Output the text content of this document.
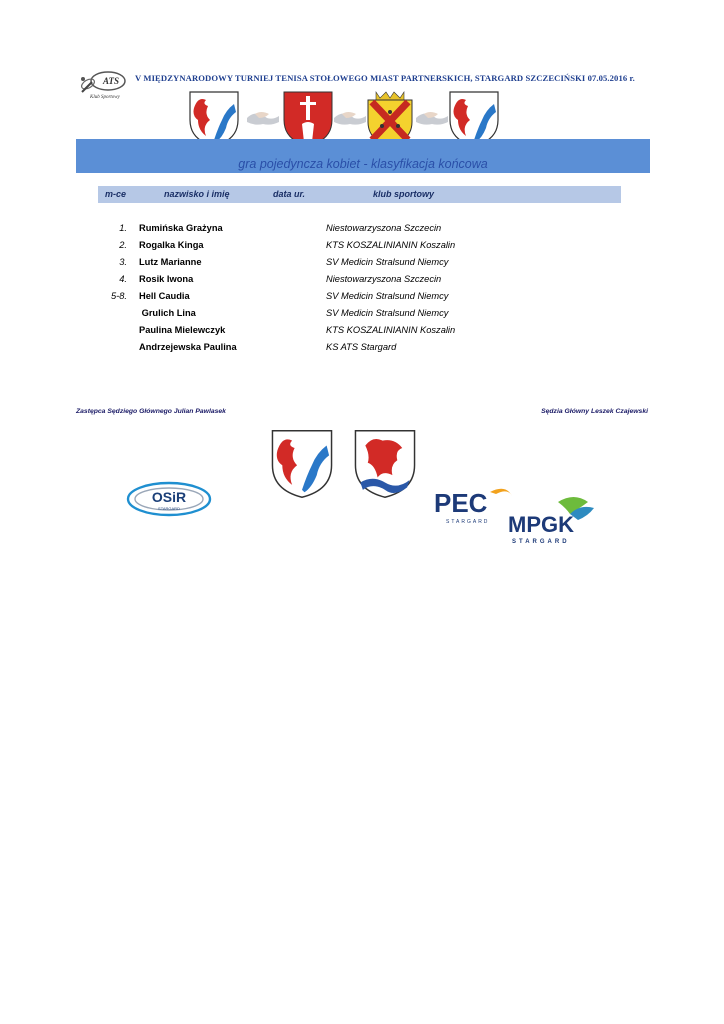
ATS
Klub Sportowy
V MIĘDZYNARODOWY TURNIEJ TENISA STOŁOWEGO MIAST PARTNERSKICH, STARGARD SZCZECIŃSKI 07.05.2016 r.
gra pojedyncza kobiet - klasyfikacja końcowa
m-ce	nazwisko i imię	data ur.	klub sportowy
1. Rumińska Grażyna	Niestowarzyszona Szczecin
2. Rogalka Kinga	KTS KOSZALINIANIN Koszalin
3. Lutz Marianne	SV Medicin Stralsund Niemcy
4. Rosik Iwona	Niestowarzyszona Szczecin
5-8. Hell Caudia	SV Medicin Stralsund Niemcy
Grulich Lina	SV Medicin Stralsund Niemcy
Paulina Mielewczyk	KTS KOSZALINIANIN Koszalin
Andrzejewska Paulina	KS ATS Stargard
Zastępca Sędziego Głównego Julian Pawlasek	Sędzia Główny Leszek Czajewski
OSiR
STARGARD	PEC
STARGARD MPGK
STARGARD
